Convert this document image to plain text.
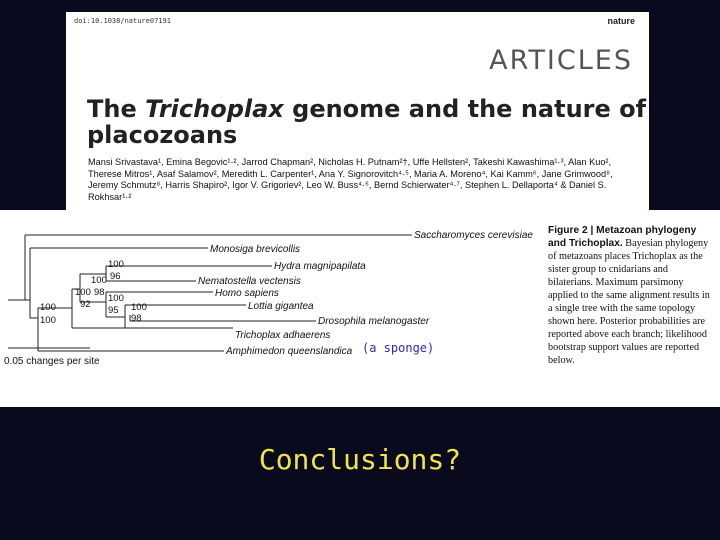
doi:10.1038/nature07191	nature
ARTICLES
The Trichoplax genome and the nature of placozoans
Mansi Srivastava¹, Emina Begovic¹·², Jarrod Chapman², Nicholas H. Putnam²†, Uffe Hellsten², Takeshi Kawashima¹·³, Alan Kuo², Therese Mitros¹, Asaf Salamov², Meredith L. Carpenter¹, Ana Y. Signorovitch⁴·⁵, Maria A. Moreno⁴, Kai Kamm⁶, Jane Grimwood⁸, Jeremy Schmutz⁸, Harris Shapiro², Igor V. Grigoriev², Leo W. Buss⁴·⁶, Bernd Schierwater⁴·⁷, Stephen L. Dellaporta⁴ & Daniel S. Rokhsar¹·²
Saccharomyces cerevisiae
Monosiga brevicollis
Hydra magnipapilata
Nematostella vectensis
Homo sapiens
Lottia gigantea
Drosophila melanogaster
Trichoplax adhaerens
Amphimedon queenslandica
100
96
100
98
100
92
100
95 100
98
100
100
0.05 changes per site
(a sponge)
Figure 2 | Metazoan phylogeny and Trichoplax. Bayesian phylogeny of metazoans places Trichoplax as the sister group to cnidarians and bilaterians. Maximum parsimony applied to the same alignment results in a single tree with the same topology shown here. Posterior probabilities are reported above each branch; likelihood bootstrap support values are reported below.
Conclusions?
